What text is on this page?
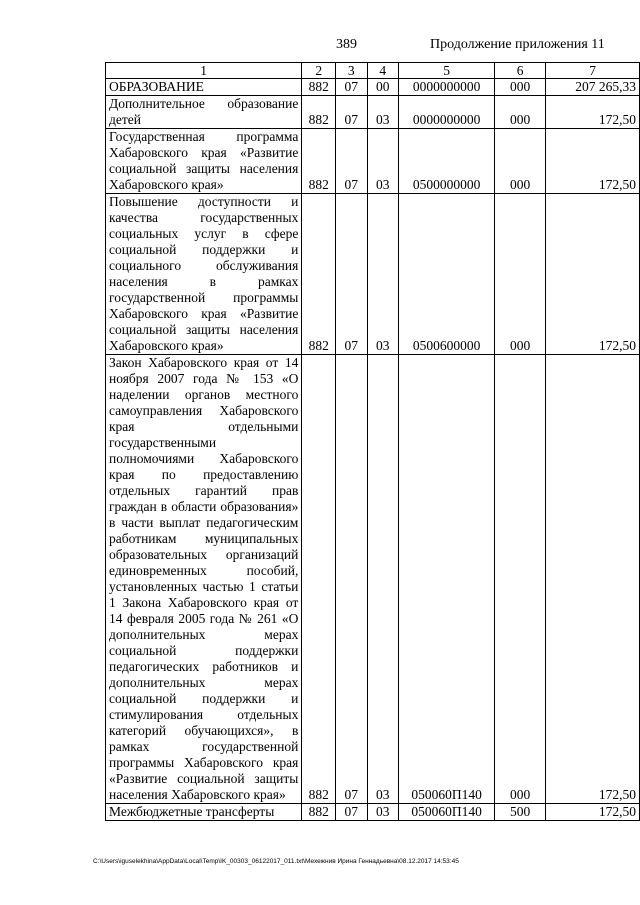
389	Продолжение приложения 11
1	2	3	4	5	6	7
ОБРАЗОВАНИЕ	882	07	00	0000000000	000	207 265,33
Дополнительное образование детей	882	07	03	0000000000	000	172,50
Государственная программа Хабаровского края «Развитие социальной защиты населения Хабаровского края»	882	07	03	0500000000	000	172,50
Повышение доступности и качества государственных социальных услуг в сфере социальной поддержки и социального обслуживания населения в рамках государственной программы Хабаровского края «Развитие социальной защиты населения Хабаровского края»	882	07	03	0500600000	000	172,50
Закон Хабаровского края от 14 ноября 2007 года № 153 «О наделении органов местного самоуправления Хабаровского края отдельными государственными полномочиями Хабаровского края по предоставлению отдельных гарантий прав граждан в области образования» в части выплат педагогическим работникам муниципальных образовательных организаций единовременных пособий, установленных частью 1 статьи 1 Закона Хабаровского края от 14 февраля 2005 года № 261 «О дополнительных мерах социальной поддержки педагогических работников и дополнительных мерах социальной поддержки и стимулирования отдельных категорий обучающихся», в рамках государственной программы Хабаровского края «Развитие социальной защиты населения Хабаровского края»	882	07	03	050060П140	000	172,50
Межбюджетные трансферты	882	07	03	050060П140	500	172,50
C:\Users\iguselekhina\AppData\Local\Temp\IK_00303_06122017_011.txt\Мехежнив Ирина Геннадьевна\08.12.2017 14:53:45
